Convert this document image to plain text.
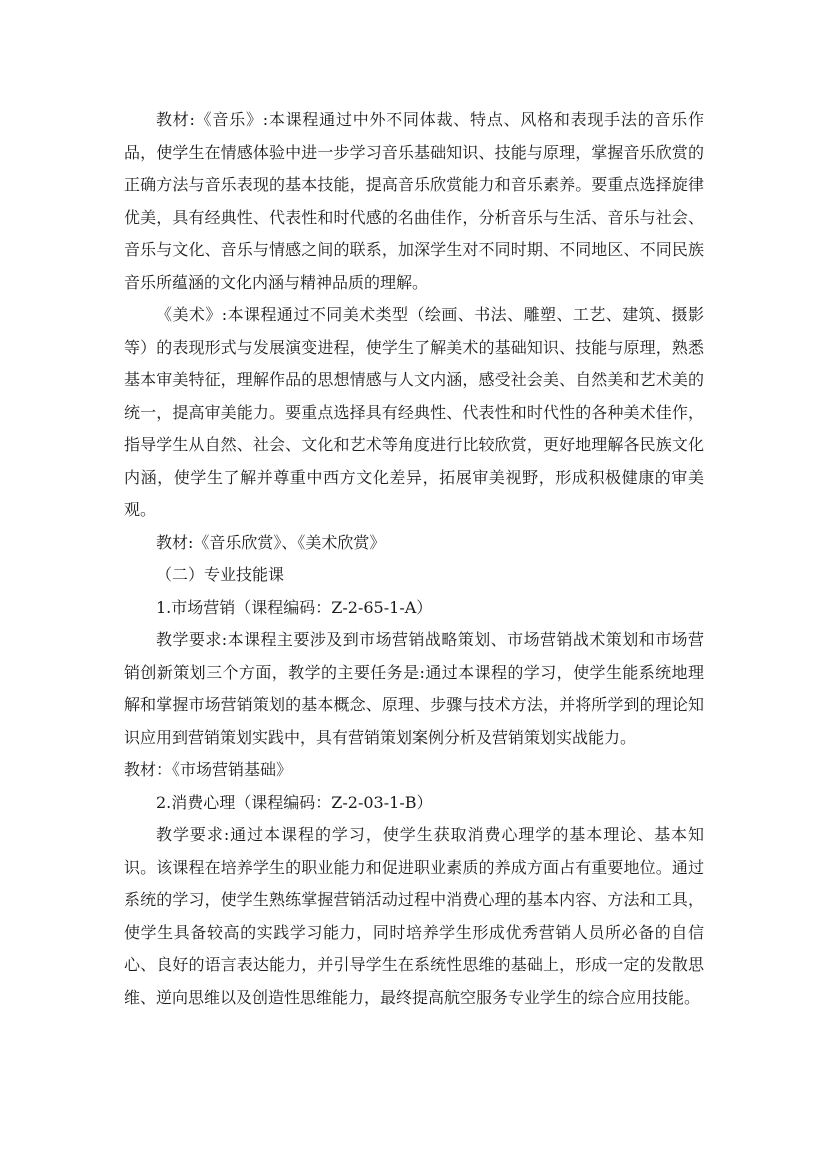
教材:《音乐》:本课程通过中外不同体裁、特点、风格和表现手法的音乐作品，使学生在情感体验中进一步学习音乐基础知识、技能与原理，掌握音乐欣赏的正确方法与音乐表现的基本技能，提高音乐欣赏能力和音乐素养。要重点选择旋律优美，具有经典性、代表性和时代感的名曲佳作，分析音乐与生活、音乐与社会、音乐与文化、音乐与情感之间的联系，加深学生对不同时期、不同地区、不同民族音乐所蕴涵的文化内涵与精神品质的理解。

《美术》:本课程通过不同美术类型（绘画、书法、雕塑、工艺、建筑、摄影等）的表现形式与发展演变进程，使学生了解美术的基础知识、技能与原理，熟悉基本审美特征，理解作品的思想情感与人文内涵，感受社会美、自然美和艺术美的统一，提高审美能力。要重点选择具有经典性、代表性和时代性的各种美术佳作，指导学生从自然、社会、文化和艺术等角度进行比较欣赏，更好地理解各民族文化内涵，使学生了解并尊重中西方文化差异，拓展审美视野，形成积极健康的审美观。

教材:《音乐欣赏》、《美术欣赏》

（二）专业技能课

1.市场营销（课程编码：Z-2-65-1-A）

教学要求:本课程主要涉及到市场营销战略策划、市场营销战术策划和市场营销创新策划三个方面，教学的主要任务是:通过本课程的学习，使学生能系统地理解和掌握市场营销策划的基本概念、原理、步骤与技术方法，并将所学到的理论知识应用到营销策划实践中，具有营销策划案例分析及营销策划实战能力。

教材：《市场营销基础》

2.消费心理（课程编码：Z-2-03-1-B）

教学要求:通过本课程的学习，使学生获取消费心理学的基本理论、基本知识。该课程在培养学生的职业能力和促进职业素质的养成方面占有重要地位。通过系统的学习，使学生熟练掌握营销活动过程中消费心理的基本内容、方法和工具，使学生具备较高的实践学习能力，同时培养学生形成优秀营销人员所必备的自信心、良好的语言表达能力，并引导学生在系统性思维的基础上，形成一定的发散思维、逆向思维以及创造性思维能力，最终提高航空服务专业学生的综合应用技能。
